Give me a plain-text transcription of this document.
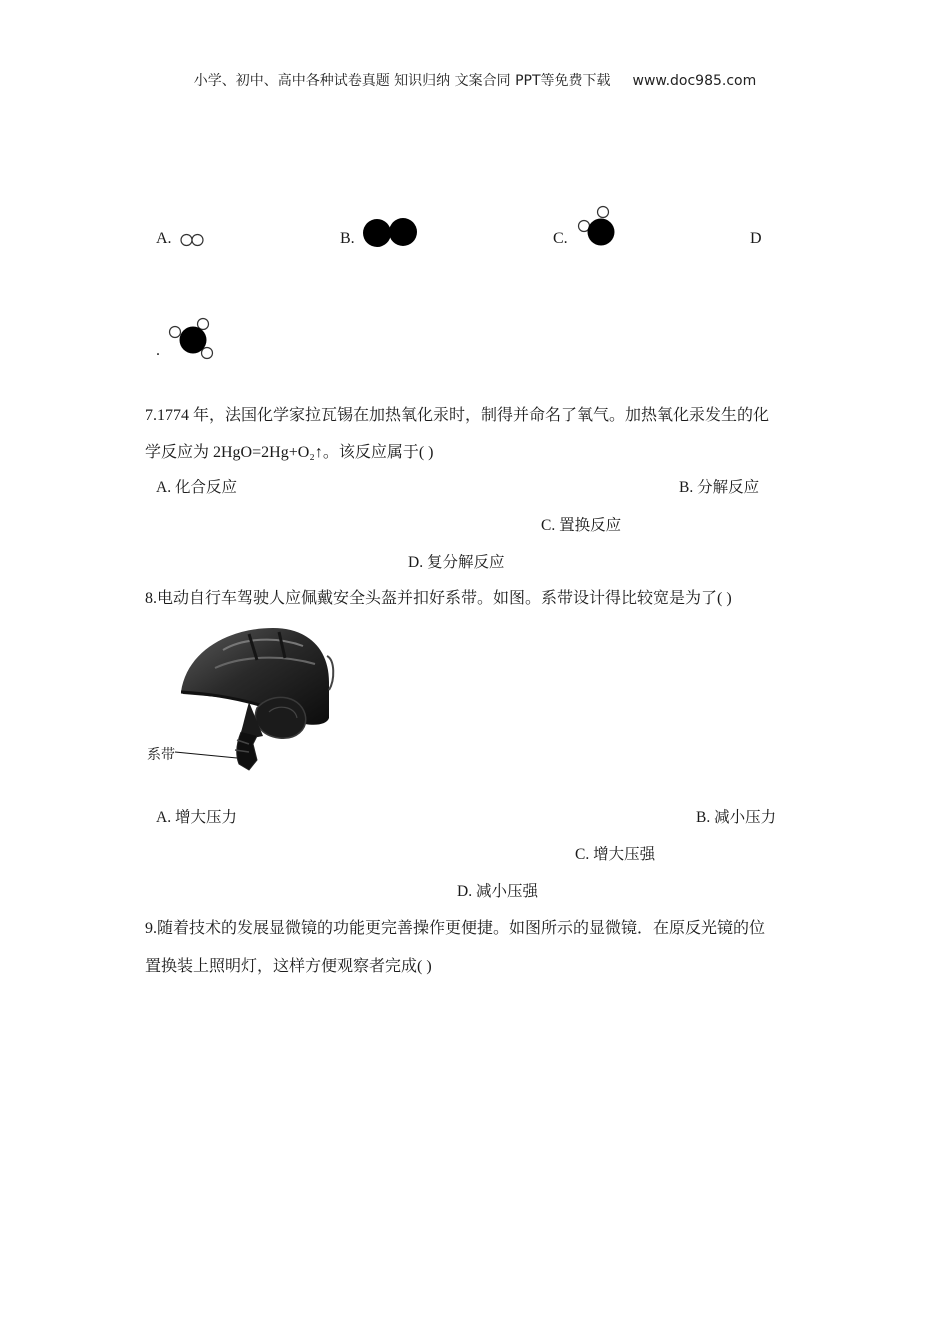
小学、初中、高中各种试卷真题 知识归纳 文案合同 PPT等免费下载 www.doc985.com
A.	B.	C.	D
.
7.1774 年，法国化学家拉瓦锡在加热氧化汞时，制得并命名了氧气。加热氧化汞发生的化
学反应为 2HgO=2Hg+O₂↑。该反应属于( )
A. 化合反应	B. 分解反应
C. 置换反应
D. 复分解反应
8.电动自行车驾驶人应佩戴安全头盔并扣好系带。如图。系带设计得比较宽是为了( )
系带
A. 增大压力	B. 减小压力
C. 增大压强
D. 减小压强
9.随着技术的发展显微镜的功能更完善操作更便捷。如图所示的显微镜．在原反光镜的位
置换装上照明灯，这样方便观察者完成( )
